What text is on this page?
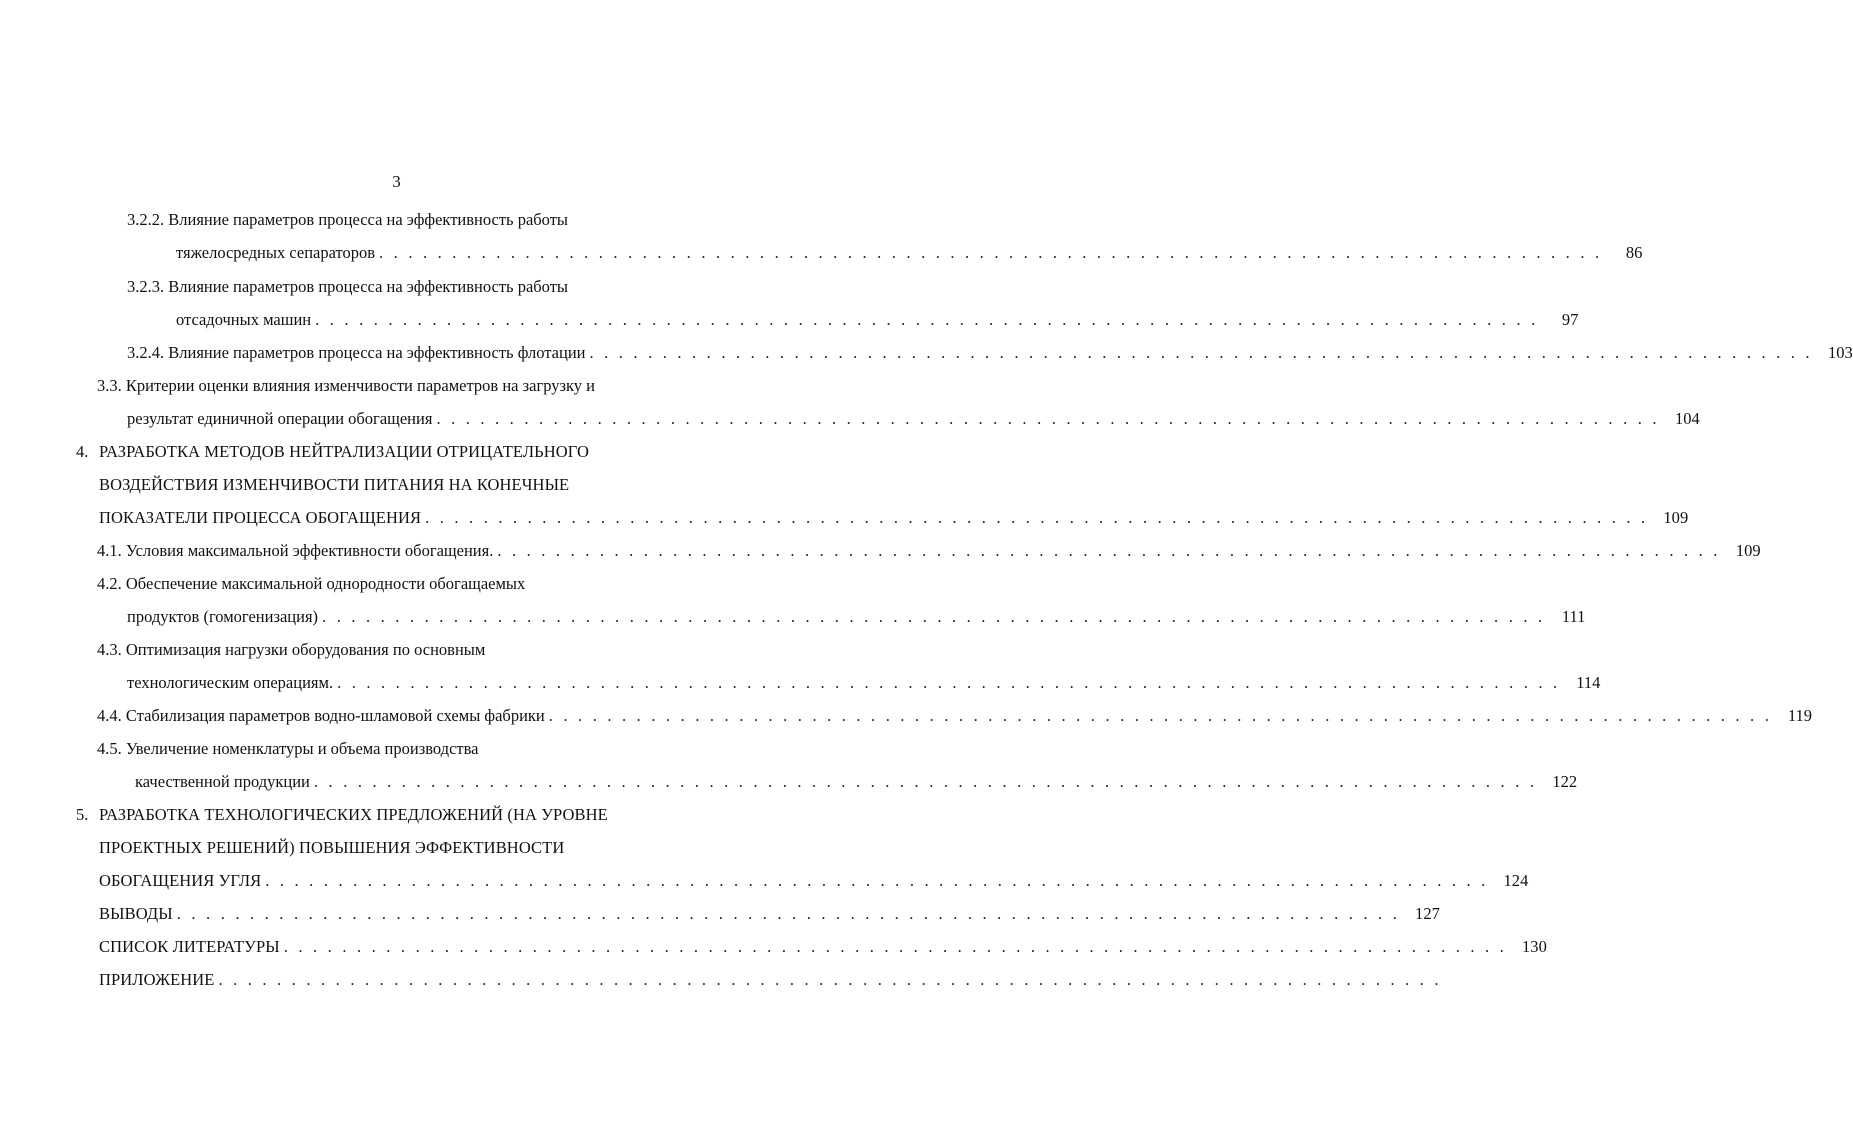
3
3.2.2. Влияние параметров процесса на эффективность работы
тяжелосредных сепараторов . . . . . . . . . . . . . . . . . . . . . . . . . . . . . . . . . . . . . . . . . . . . . . . . . . . . . . . . . . . . . . . . . . . . . . . . . . . . . . . . . . . .	86
3.2.3. Влияние параметров процесса на эффективность работы
отсадочных машин . . . . . . . . . . . . . . . . . . . . . . . . . . . . . . . . . . . . . . . . . . . . . . . . . . . . . . . . . . . . . . . . . . . . . . . . . . . . . . . . . . . .	97
3.2.4. Влияние параметров процесса на эффективность флотации . . . . . . . . . . . . . . . . . . . . . . . . . . . . . . . . . . . . . . . . . . . . . . . . . . . . . . . . . . . . . . . . . . . . . . . . . . . . . . . . . . . . 103
3.3. Критерии оценки влияния изменчивости параметров на загрузку и
результат единичной операции обогащения . . . . . . . . . . . . . . . . . . . . . . . . . . . . . . . . . . . . . . . . . . . . . . . . . . . . . . . . . . . . . . . . . . . . . . . . . . . . . . . . . . . . 104
4. РАЗРАБОТКА МЕТОДОВ НЕЙТРАЛИЗАЦИИ ОТРИЦАТЕЛЬНОГО
ВОЗДЕЙСТВИЯ ИЗМЕНЧИВОСТИ ПИТАНИЯ НА КОНЕЧНЫЕ
ПОКАЗАТЕЛИ ПРОЦЕССА ОБОГАЩЕНИЯ . . . . . . . . . . . . . . . . . . . . . . . . . . . . . . . . . . . . . . . . . . . . . . . . . . . . . . . . . . . . . . . . . . . . . . . . . . . . . . . . . . . . 109
4.1. Условия максимальной эффективности обогащения. . . . . . . . . . . . . . . . . . . . . . . . . . . . . . . . . . . . . . . . . . . . . . . . . . . . . . . . . . . . . . . . . . . . . . . . . . . . . . . . . . . . . 109
4.2. Обеспечение максимальной однородности обогащаемых
продуктов (гомогенизация) . . . . . . . . . . . . . . . . . . . . . . . . . . . . . . . . . . . . . . . . . . . . . . . . . . . . . . . . . . . . . . . . . . . . . . . . . . . . . . . . . . . . 111
4.3. Оптимизация нагрузки оборудования по основным
технологическим операциям. . . . . . . . . . . . . . . . . . . . . . . . . . . . . . . . . . . . . . . . . . . . . . . . . . . . . . . . . . . . . . . . . . . . . . . . . . . . . . . . . . . . . 114
4.4. Стабилизация параметров водно-шламовой схемы фабрики . . . . . . . . . . . . . . . . . . . . . . . . . . . . . . . . . . . . . . . . . . . . . . . . . . . . . . . . . . . . . . . . . . . . . . . . . . . . . . . . . . . . 119
4.5. Увеличение номенклатуры и объема производства
качественной продукции . . . . . . . . . . . . . . . . . . . . . . . . . . . . . . . . . . . . . . . . . . . . . . . . . . . . . . . . . . . . . . . . . . . . . . . . . . . . . . . . . . . . 122
5. РАЗРАБОТКА ТЕХНОЛОГИЧЕСКИХ ПРЕДЛОЖЕНИЙ (НА УРОВНЕ
ПРОЕКТНЫХ РЕШЕНИЙ) ПОВЫШЕНИЯ ЭФФЕКТИВНОСТИ
ОБОГАЩЕНИЯ УГЛЯ . . . . . . . . . . . . . . . . . . . . . . . . . . . . . . . . . . . . . . . . . . . . . . . . . . . . . . . . . . . . . . . . . . . . . . . . . . . . . . . . . . . . 124
ВЫВОДЫ . . . . . . . . . . . . . . . . . . . . . . . . . . . . . . . . . . . . . . . . . . . . . . . . . . . . . . . . . . . . . . . . . . . . . . . . . . . . . . . . . . . . 127
СПИСОК ЛИТЕРАТУРЫ . . . . . . . . . . . . . . . . . . . . . . . . . . . . . . . . . . . . . . . . . . . . . . . . . . . . . . . . . . . . . . . . . . . . . . . . . . . . . . . . . . . . 130
ПРИЛОЖЕНИЕ . . . . . . . . . . . . . . . . . . . . . . . . . . . . . . . . . . . . . . . . . . . . . . . . . . . . . . . . . . . . . . . . . . . . . . . . . . . . . . . . . . . .
